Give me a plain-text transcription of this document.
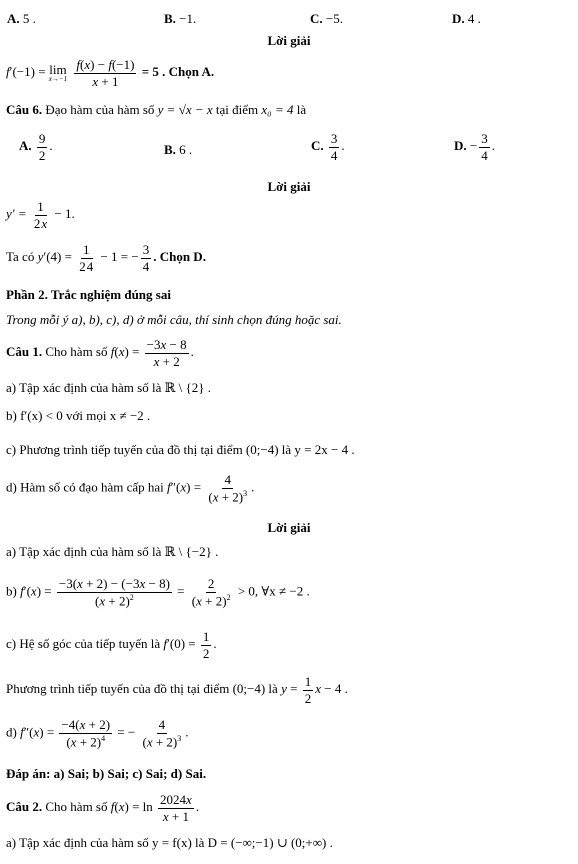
A. 5 .	B. −1.	C. −5.	D. 4 .
Lời giải
f′(−1) = lim
x→−1
$\frac{f(x) - f(-1)}{x + 1} = 5$ . Chọn A.
Câu 6. Đạo hàm của hàm số y = √x − x tại điểm x₀ = 4 là
A. $\frac{9}{2}$ .	B. 6 .	C. $\frac{3}{4}$ .	D. − $\frac{3}{4}$ .
Lời giải
$y' = \frac{1}{2x} - 1$.
Ta có $y'(4) = \frac{1}{24} - 1$ = − $\frac{3}{4}$ . Chọn D.
Phần 2. Trắc nghiệm đúng sai
Trong mỗi ý a), b), c), d) ở mỗi câu, thí sinh chọn đúng hoặc sai.
Câu 1. Cho hàm số $f(x) = \frac{-3x - 8}{x + 2}$ .
a) Tập xác định của hàm số là ℝ \ {2} .
b) f′(x) < 0 với mọi x ≠ −2 .
c) Phương trình tiếp tuyến của đồ thị tại điểm (0;−4) là y = 2x − 4 .
d) Hàm số có đạo hàm cấp hai $f''(x) = \frac{4}{(x + 2)^3}$ .
Lời giải
a) Tập xác định của hàm số là ℝ \ {−2} .
b) $f'(x) = \frac{-3(x + 2) - (-3x - 8)}{(x + 2)^2} = \frac{2}{(x + 2)^2} > 0$, ∀x ≠ −2 .
c) Hệ số góc của tiếp tuyến là $f'(0) = \frac{1}{2}$ .
Phương trình tiếp tuyến của đồ thị tại điểm (0;−4) là $y = \frac{1}{2}$ x − 4 .
d) $f''(x) = \frac{-4(x + 2)}{(x + 2)^4}$ = − $\frac{4}{(x + 2)^3}$ .
Đáp án: a) Sai; b) Sai; c) Sai; d) Sai.
Câu 2. Cho hàm số $f(x) = \ln \frac{2024x}{x + 1}$ .
a) Tập xác định của hàm số y = f(x) là D = (−∞;−1) ∪ (0;+∞) .
